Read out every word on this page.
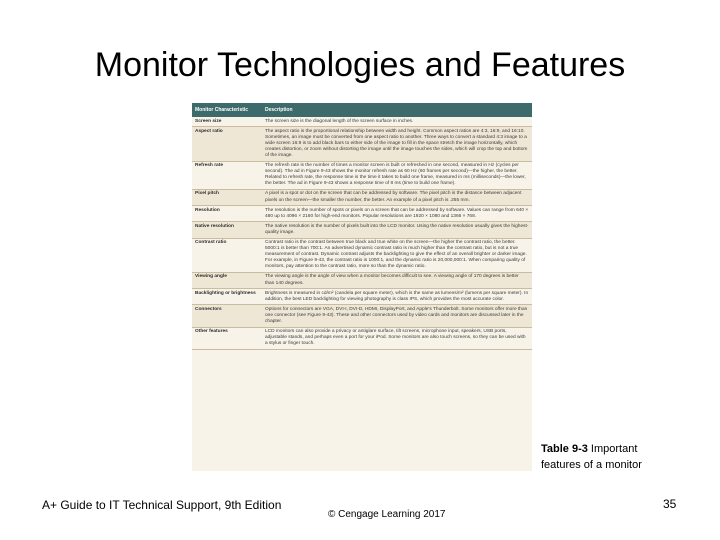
Monitor Technologies and Features
Monitor Characteristic	Description
Screen size	The screen size is the diagonal length of the screen surface in inches.
Aspect ratio	The aspect ratio is the proportional relationship between width and height. Common aspect ratios are 4:3, 16:9, and 16:10. Sometimes, an image must be converted from one aspect ratio to another. Three ways to convert a standard 4:3 image to a wide screen 16:9 is to add black bars to either side of the image to fill in the space stretch the image horizontally, which creates distortion, or zoom without distorting the image until the image touches the sides, which will crop the top and bottom of the image.
Refresh rate	The refresh rate is the number of times a monitor screen is built or refreshed in one second, measured in Hz (cycles per second). The ad in Figure 9-43 shows the monitor refresh rate as 60 Hz (60 frames per second)—the higher, the better. Related to refresh rate, the response time is the time it takes to build one frame, measured in ms (milliseconds)—the lower, the better. The ad in Figure 9-43 shows a response time of 8 ms (time to build one frame).
Pixel pitch	A pixel is a spot or dot on the screen that can be addressed by software. The pixel pitch is the distance between adjacent pixels on the screen—the smaller the number, the better. An example of a pixel pitch is .255 mm.
Resolution	The resolution is the number of spots or pixels on a screen that can be addressed by software. Values can range from 640 × 480 up to 4096 × 2160 for high-end monitors. Popular resolutions are 1920 × 1080 and 1366 × 768.
Native resolution	The native resolution is the number of pixels built into the LCD monitor. Using the native resolution usually gives the highest-quality image.
Contrast ratio	Contrast ratio is the contrast between true black and true white on the screen—the higher the contrast ratio, the better. 5000:1 is better than 700:1. An advertised dynamic contrast ratio is much higher than the contrast ratio, but is not a true measurement of contrast. Dynamic contrast adjusts the backlighting to give the effect of an overall brighter or darker image. For example, in Figure 9-43, the contrast ratio is 1000:1, and the dynamic ratio is 20,000,000:1. When comparing quality of monitors, pay attention to the contrast ratio, more so than the dynamic ratio.
Viewing angle	The viewing angle is the angle of view when a monitor becomes difficult to see. A viewing angle of 170 degrees is better than 140 degrees.
Backlighting or brightness	Brightness is measured in cd/m² (candela per square meter), which is the same as lumens/m² (lumens per square meter). In addition, the best LED backlighting for viewing photography is class IPS, which provides the most accurate color.
Connectors	Options for connectors are VGA, DVI-I, DVI-D, HDMI, DisplayPort, and Apple's Thunderbolt. Some monitors offer more than one connector (see Figure 9-43). These and other connectors used by video cards and monitors are discussed later in the chapter.
Other features	LCD monitors can also provide a privacy or antiglare surface, tilt screens, microphone input, speakers, USB ports, adjustable stands, and perhaps even a port for your iPod. Some monitors are also touch screens, so they can be used with a stylus or finger touch.
Table 9-3 Important features of a monitor
A+ Guide to IT Technical Support, 9th Edition
© Cengage Learning 2017
35
